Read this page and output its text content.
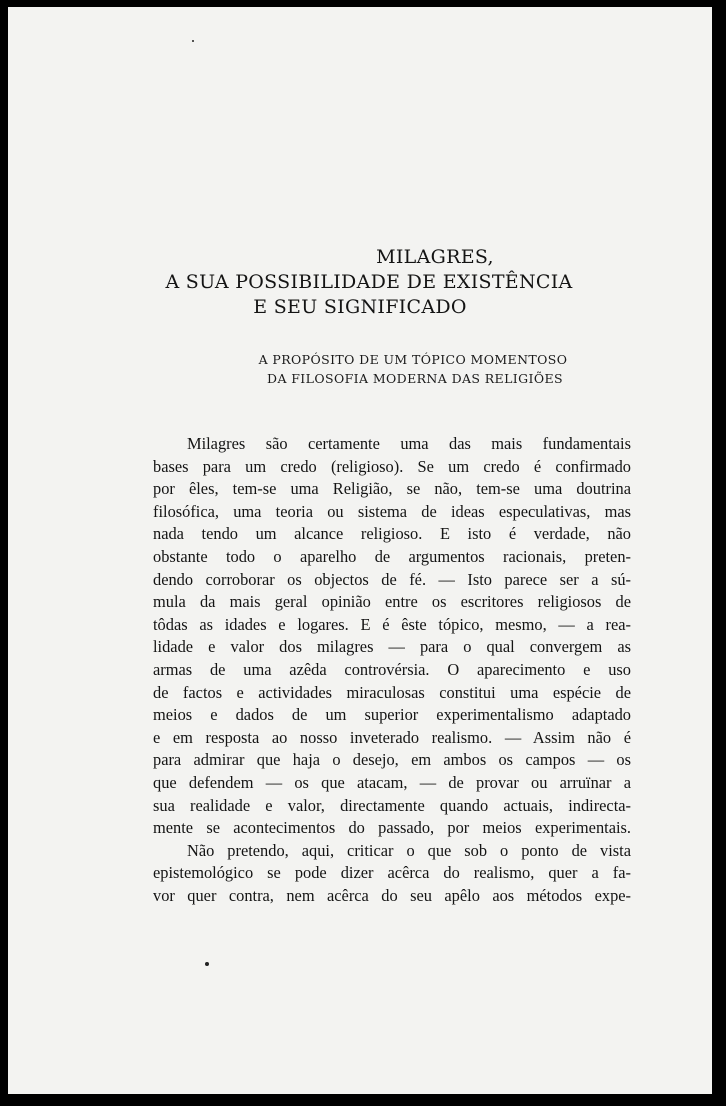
MILAGRES,
A SUA POSSIBILIDADE DE EXISTÊNCIA
E SEU SIGNIFICADO
A PROPÓSITO DE UM TÓPICO MOMENTOSO
DA FILOSOFIA MODERNA DAS RELIGIÕES
Milagres são certamente uma das mais fundamentais
bases para um credo (religioso). Se um credo é confirmado
por êles, tem-se uma Religião, se não, tem-se uma doutrina
filosófica, uma teoria ou sistema de ideas especulativas, mas
nada tendo um alcance religioso. E isto é verdade, não
obstante todo o aparelho de argumentos racionais, preten-
dendo corroborar os objectos de fé. — Isto parece ser a sú-
mula da mais geral opinião entre os escritores religiosos de
tôdas as idades e logares. E é êste tópico, mesmo, — a rea-
lidade e valor dos milagres — para o qual convergem as
armas de uma azêda controvérsia. O aparecimento e uso
de factos e actividades miraculosas constitui uma espécie de
meios e dados de um superior experimentalismo adaptado
e em resposta ao nosso inveterado realismo. — Assim não é
para admirar que haja o desejo, em ambos os campos — os
que defendem — os que atacam, — de provar ou arruïnar a
sua realidade e valor, directamente quando actuais, indirecta-
mente se acontecimentos do passado, por meios experimentais.
Não pretendo, aqui, criticar o que sob o ponto de vista
epistemológico se pode dizer acêrca do realismo, quer a fa-
vor quer contra, nem acêrca do seu apêlo aos métodos expe-
